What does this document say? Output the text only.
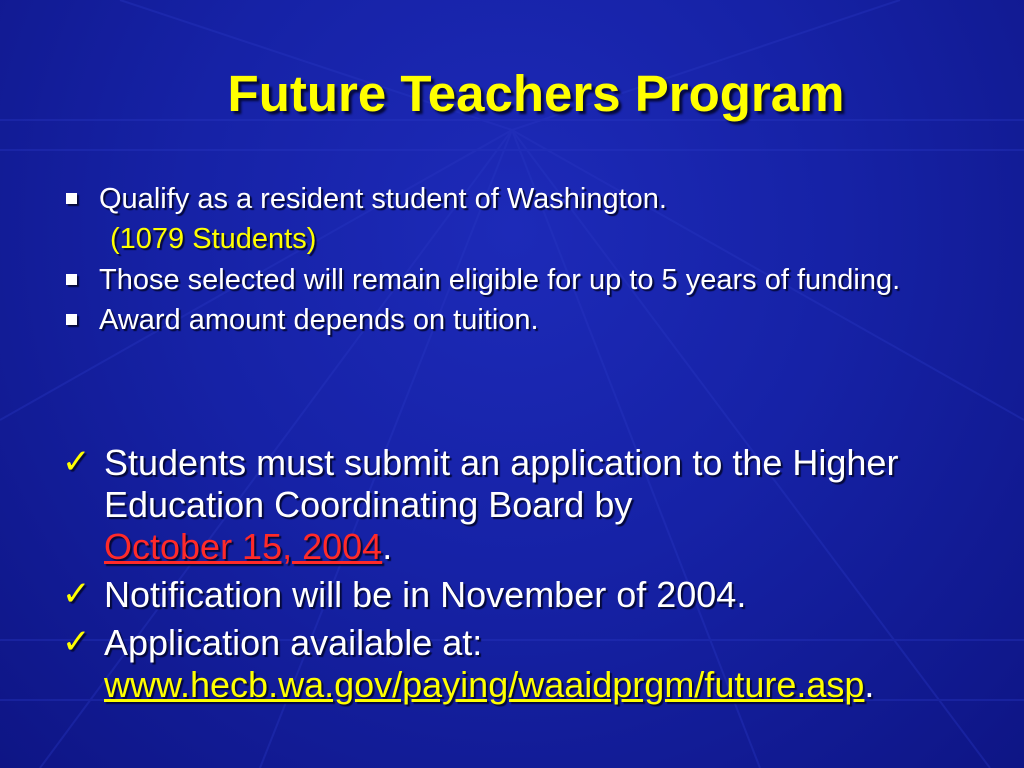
Future Teachers Program
Qualify as a resident student of Washington.
(1079 Students)
Those selected will remain eligible for up to 5 years of funding.
Award amount depends on tuition.
✓ Students must submit an application to the Higher Education Coordinating Board by
October 15, 2004.
✓ Notification will be in November of 2004.
✓ Application available at:
www.hecb.wa.gov/paying/waaidprgm/future.asp.
